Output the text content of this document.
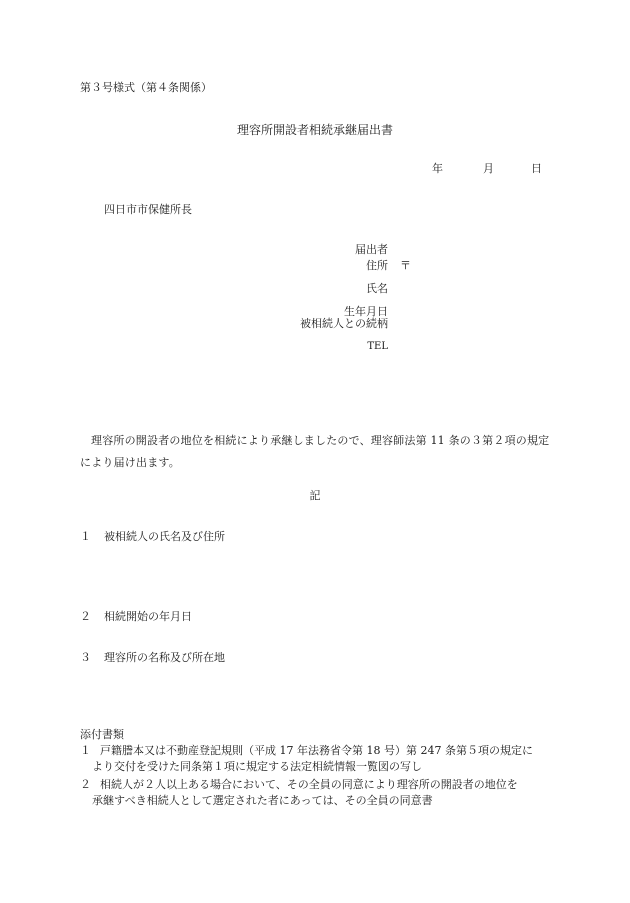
第３号様式（第４条関係）
理容所開設者相続承継届出書
年	月	日
四日市市保健所長
届出者
住所 〒
氏名
生年月日
被相続人との続柄
TEL
理容所の開設者の地位を相続により承継しましたので、理容師法第 11 条の３第２項の規定により届け出ます。
記
１ 被相続人の氏名及び住所
２ 相続開始の年月日
３ 理容所の名称及び所在地
添付書類
１ 戸籍謄本又は不動産登記規則（平成 17 年法務省令第 18 号）第 247 条第５項の規定に
より交付を受けた同条第１項に規定する法定相続情報一覧図の写し
２ 相続人が２人以上ある場合において、その全員の同意により理容所の開設者の地位を
承継すべき相続人として選定された者にあっては、その全員の同意書
